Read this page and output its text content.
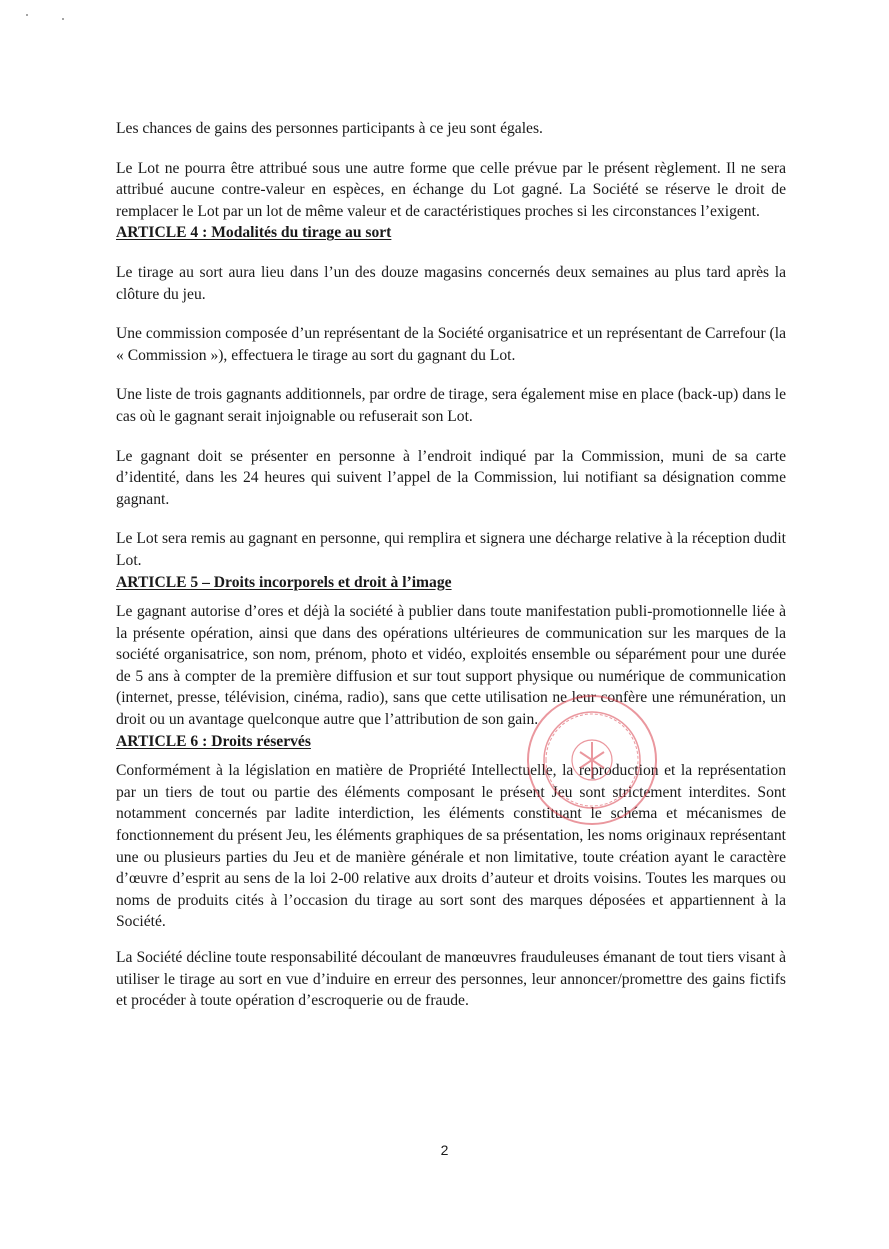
Les chances de gains des personnes participants à ce jeu sont égales.

Le Lot ne pourra être attribué sous une autre forme que celle prévue par le présent règlement. Il ne sera attribué aucune contre-valeur en espèces, en échange du Lot gagné. La Société se réserve le droit de remplacer le Lot par un lot de même valeur et de caractéristiques proches si les circonstances l’exigent.

ARTICLE 4 : Modalités du tirage au sort

Le tirage au sort aura lieu dans l’un des douze magasins concernés deux semaines au plus tard après la clôture du jeu.

Une commission composée d’un représentant de la Société organisatrice et un représentant de Carrefour (la « Commission »), effectuera le tirage au sort du gagnant du Lot.

Une liste de trois gagnants additionnels, par ordre de tirage, sera également mise en place (back-up) dans le cas où le gagnant serait injoignable ou refuserait son Lot.

Le gagnant doit se présenter en personne à l’endroit indiqué par la Commission, muni de sa carte d’identité, dans les 24 heures qui suivent l’appel de la Commission, lui notifiant sa désignation comme gagnant.

Le Lot sera remis au gagnant en personne, qui remplira et signera une décharge relative à la réception dudit Lot.

ARTICLE 5 – Droits incorporels et droit à l’image

Le gagnant autorise d’ores et déjà la société à publier dans toute manifestation publi-promotionnelle liée à la présente opération, ainsi que dans des opérations ultérieures de communication sur les marques de la société organisatrice, son nom, prénom, photo et vidéo, exploités ensemble ou séparément pour une durée de 5 ans à compter de la première diffusion et sur tout support physique ou numérique de communication (internet, presse, télévision, cinéma, radio), sans que cette utilisation ne leur confère une rémunération, un droit ou un avantage quelconque autre que l’attribution de son gain.

ARTICLE 6 : Droits réservés

Conformément à la législation en matière de Propriété Intellectuelle, la reproduction et la représentation par un tiers de tout ou partie des éléments composant le présent Jeu sont strictement interdites. Sont notamment concernés par ladite interdiction, les éléments constituant le schéma et mécanismes de fonctionnement du présent Jeu, les éléments graphiques de sa présentation, les noms originaux représentant une ou plusieurs parties du Jeu et de manière générale et non limitative, toute création ayant le caractère d’œuvre d’esprit au sens de la loi 2-00 relative aux droits d’auteur et droits voisins. Toutes les marques ou noms de produits cités à l’occasion du tirage au sort sont des marques déposées et appartiennent à la Société.

La Société décline toute responsabilité découlant de manœuvres frauduleuses émanant de tout tiers visant à utiliser le tirage au sort en vue d’induire en erreur des personnes, leur annoncer/promettre des gains fictifs et procéder à toute opération d’escroquerie ou de fraude.

2
